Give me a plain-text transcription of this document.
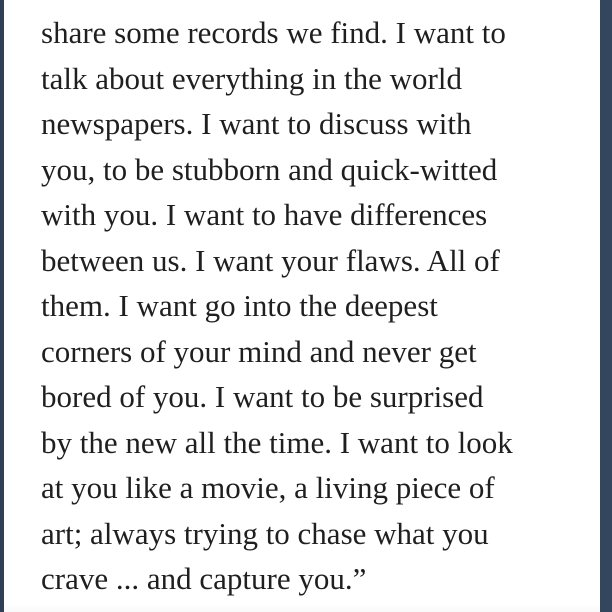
share some records we find. I want to
talk about everything in the world
newspapers. I want to discuss with
you, to be stubborn and quick-witted
with you. I want to have differences
between us. I want your flaws. All of
them. I want go into the deepest
corners of your mind and never get
bored of you. I want to be surprised
by the new all the time. I want to look
at you like a movie, a living piece of
art; always trying to chase what you
crave ... and capture you.”
